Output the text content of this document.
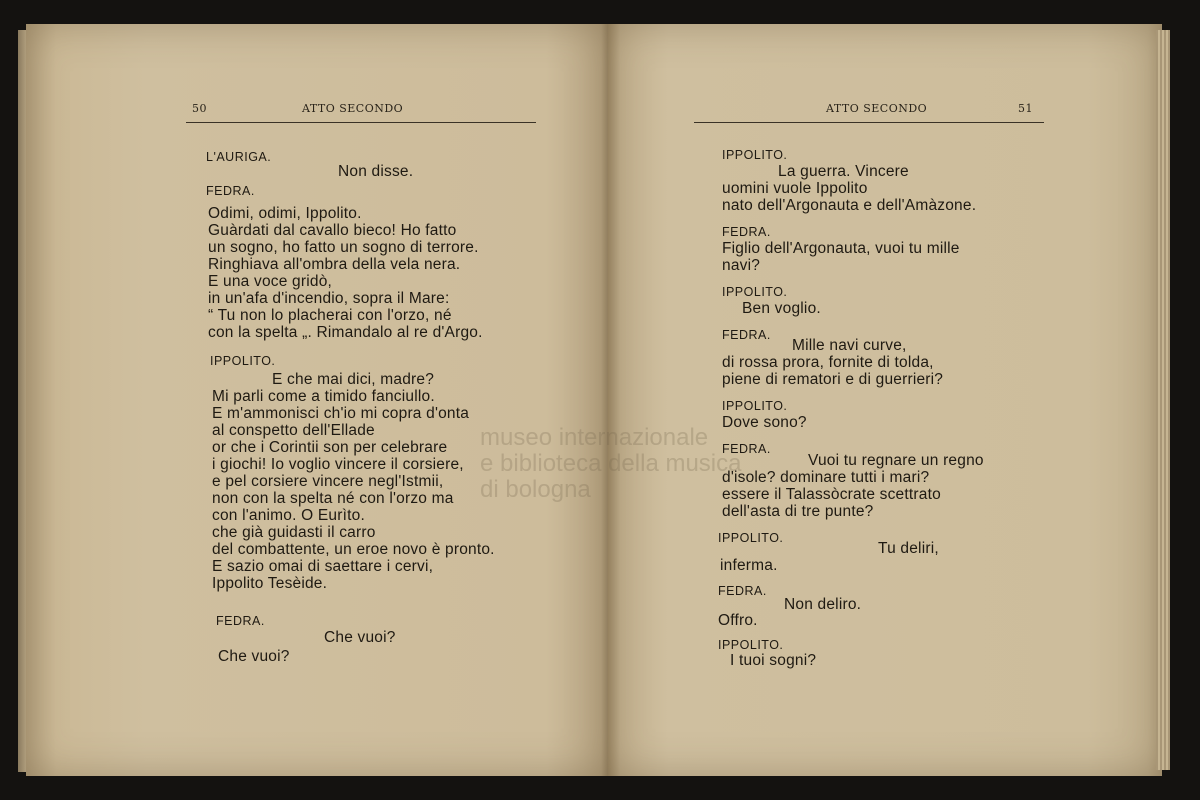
50	ATTO SECONDO
L'AURIGA.
Non disse.
FEDRA.
Odimi, odimi, Ippolito.
Guàrdati dal cavallo bieco! Ho fatto
un sogno, ho fatto un sogno di terrore.
Ringhiava all'ombra della vela nera.
E una voce gridò,
in un'afa d'incendio, sopra il Mare:
“ Tu non lo placherai con l'orzo, né
con la spelta „. Rimandalo al re d'Argo.
IPPOLITO.
E che mai dici, madre?
Mi parli come a timido fanciullo.
E m'ammonisci ch'io mi copra d'onta
al conspetto dell'Ellade
or che i Corintii son per celebrare
i giochi! Io voglio vincere il corsiere,
e pel corsiere vincere negl'Istmii,
non con la spelta né con l'orzo ma
con l'animo. O Eurìto.
che già guidasti il carro
del combattente, un eroe novo è pronto.
E sazio omai di saettare i cervi,
Ippolito Tesèide.
FEDRA.
Che vuoi?
Che vuoi?
ATTO SECONDO	51
IPPOLITO.
La guerra. Vincere
uomini vuole Ippolito
nato dell'Argonauta e dell'Amàzone.
FEDRA.
Figlio dell'Argonauta, vuoi tu mille
navi?
IPPOLITO.
Ben voglio.
FEDRA.
Mille navi curve,
di rossa prora, fornite di tolda,
piene di rematori e di guerrieri?
IPPOLITO.
Dove sono?
FEDRA.
Vuoi tu regnare un regno
d'isole? dominare tutti i mari?
essere il Talassòcrate scettrato
dell'asta di tre punte?
IPPOLITO.
Tu deliri,
inferma.
FEDRA.
Non deliro.
Offro.
IPPOLITO.
I tuoi sogni?
museo internazionale
e biblioteca della musica
di bologna
